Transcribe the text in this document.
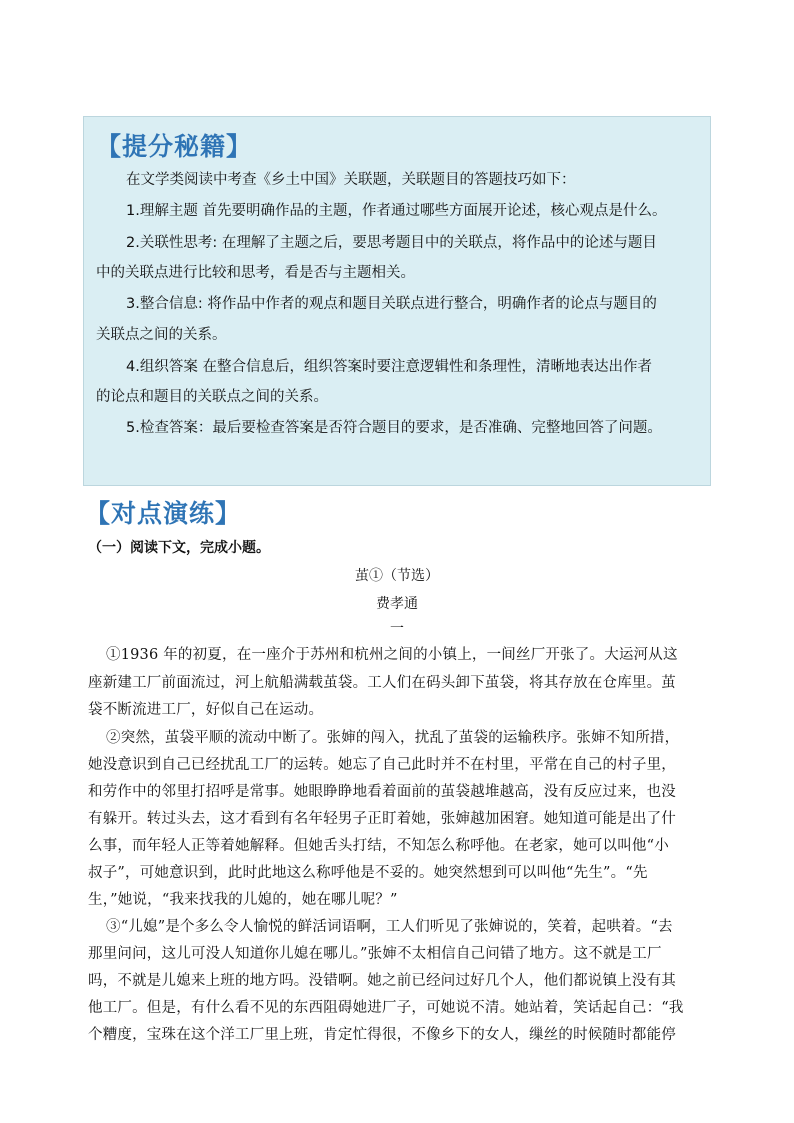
【提分秘籍】
在文学类阅读中考查《乡土中国》关联题，关联题目的答题技巧如下：
1.理解主题 首先要明确作品的主题，作者通过哪些方面展开论述，核心观点是什么。
2.关联性思考: 在理解了主题之后，要思考题目中的关联点，将作品中的论述与题目
中的关联点进行比较和思考，看是否与主题相关。
3.整合信息: 将作品中作者的观点和题目关联点进行整合，明确作者的论点与题目的
关联点之间的关系。
4.组织答案 在整合信息后，组织答案时要注意逻辑性和条理性，清晰地表达出作者
的论点和题目的关联点之间的关系。
5.检查答案：最后要检查答案是否符合题目的要求，是否准确、完整地回答了问题。
【对点演练】
（一）阅读下文，完成小题。
茧①（节选）
费孝通
一
①1936 年的初夏，在一座介于苏州和杭州之间的小镇上，一间丝厂开张了。大运河从这
座新建工厂前面流过，河上航船满载茧袋。工人们在码头卸下茧袋，将其存放在仓库里。茧
袋不断流进工厂，好似自己在运动。
②突然，茧袋平顺的流动中断了。张婶的闯入，扰乱了茧袋的运输秩序。张婶不知所措，
她没意识到自己已经扰乱工厂的运转。她忘了自己此时并不在村里，平常在自己的村子里，
和劳作中的邻里打招呼是常事。她眼睁睁地看着面前的茧袋越堆越高，没有反应过来，也没
有躲开。转过头去，这才看到有名年轻男子正盯着她，张婶越加困窘。她知道可能是出了什
么事，而年轻人正等着她解释。但她舌头打结，不知怎么称呼他。在老家，她可以叫他“小
叔子”，可她意识到，此时此地这么称呼他是不妥的。她突然想到可以叫他“先生”。“先
生，”她说，“我来找我的儿媳的，她在哪儿呢？”
③“儿媳”是个多么令人愉悦的鲜活词语啊，工人们听见了张婶说的，笑着，起哄着。“去
那里问问，这儿可没人知道你儿媳在哪儿。”张婶不太相信自己问错了地方。这不就是工厂
吗，不就是儿媳来上班的地方吗。没错啊。她之前已经问过好几个人，他们都说镇上没有其
他工厂。但是，有什么看不见的东西阻碍她进厂子，可她说不清。她站着，笑话起自己：“我
个糟度，宝珠在这个洋工厂里上班，肯定忙得很，不像乡下的女人，缫丝的时候随时都能停
